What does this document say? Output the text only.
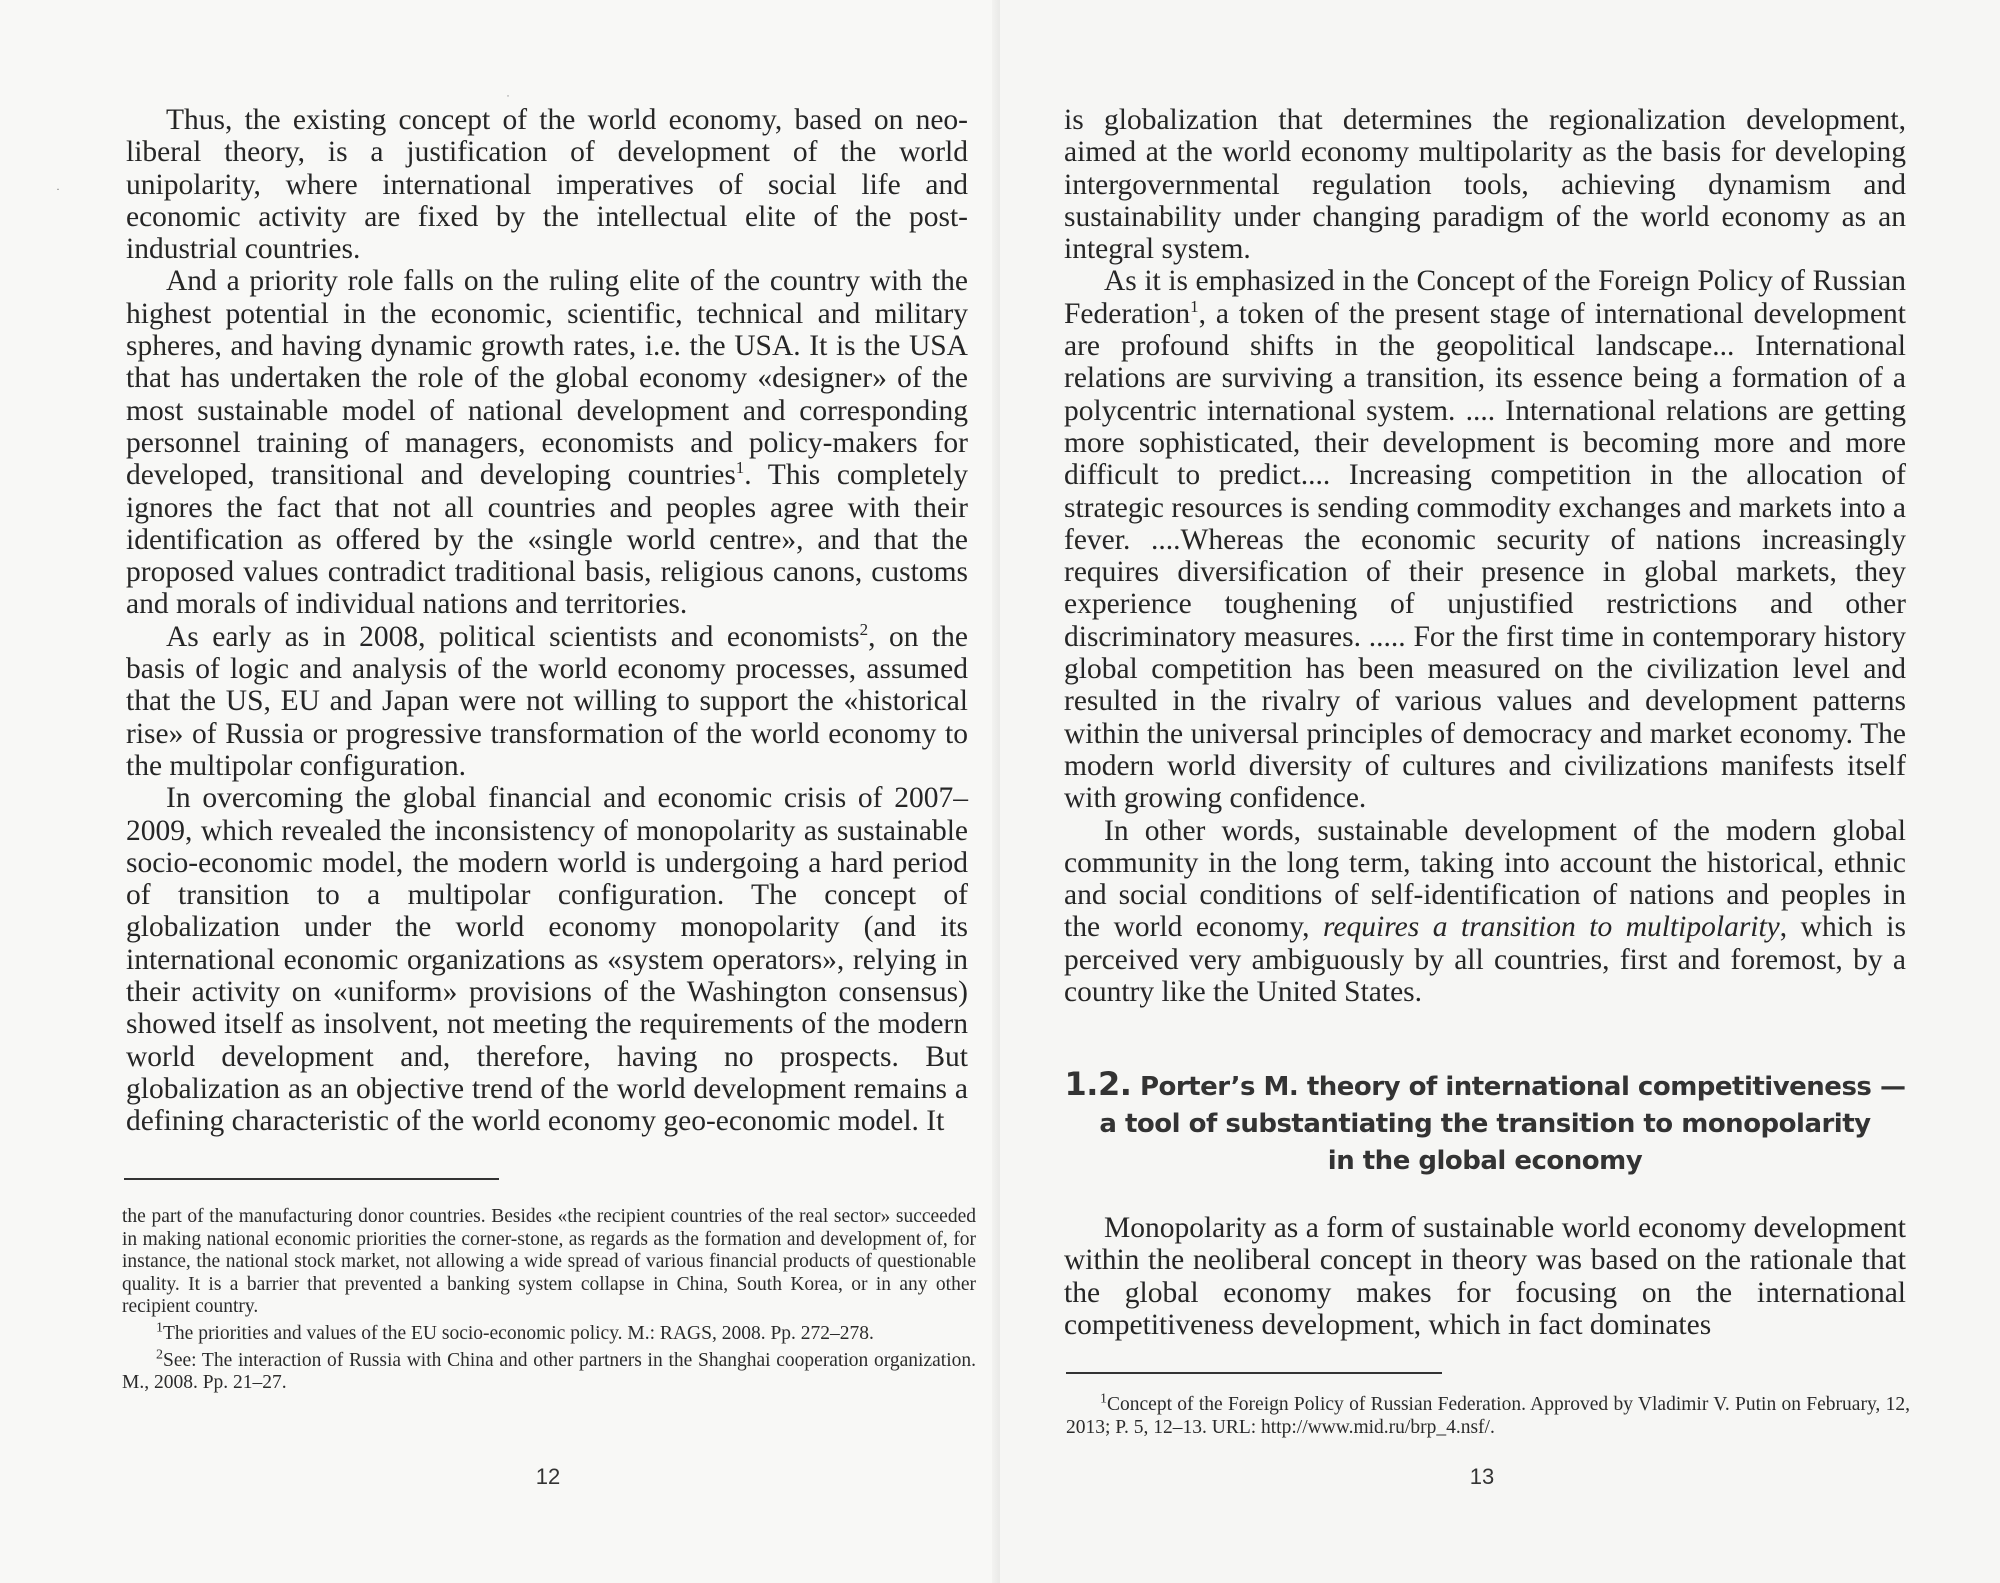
˙
·

Thus, the existing concept of the world economy, based on neo-liberal theory, is a justification of development of the world unipolarity, where international imperatives of social life and economic activity are fixed by the intellectual elite of the post-industrial countries.

And a priority role falls on the ruling elite of the country with the highest potential in the economic, scientific, technical and military spheres, and having dynamic growth rates, i.e. the USA. It is the USA that has undertaken the role of the global economy «designer» of the most sustainable model of national development and corresponding personnel training of managers, economists and policy-makers for developed, transitional and developing countries$^1$. This completely ignores the fact that not all countries and peoples agree with their identification as offered by the «single world centre», and that the proposed values contradict traditional basis, religious canons, customs and morals of individual nations and territories.

As early as in 2008, political scientists and economists$^2$, on the basis of logic and analysis of the world economy processes, assumed that the US, EU and Japan were not willing to support the «historical rise» of Russia or progressive transformation of the world economy to the multipolar configuration.

In overcoming the global financial and economic crisis of 2007–2009, which revealed the inconsistency of monopolarity as sustainable socio-economic model, the modern world is undergoing a hard period of transition to a multipolar configuration. The concept of globalization under the world economy monopolarity (and its international economic organizations as «system operators», relying in their activity on «uniform» provisions of the Washington consensus) showed itself as insolvent, not meeting the requirements of the modern world development and, therefore, having no prospects. But globalization as an objective trend of the world development remains a defining characteristic of the world economy geo-economic model. It

the part of the manufacturing donor countries. Besides «the recipient countries of the real sector» succeeded in making national economic priorities the corner-stone, as regards as the formation and development of, for instance, the national stock market, not allowing a wide spread of various financial products of questionable quality. It is a barrier that prevented a banking system collapse in China, South Korea, or in any other recipient country.

$^1$The priorities and values of the EU socio-economic policy. M.: RAGS, 2008. Pp. 272–278.

$^2$See: The interaction of Russia with China and other partners in the Shanghai cooperation organization. M., 2008. Pp. 21–27.

12

is globalization that determines the regionalization development, aimed at the world economy multipolarity as the basis for developing intergovernmental regulation tools, achieving dynamism and sustainability under changing paradigm of the world economy as an integral system.

As it is emphasized in the Concept of the Foreign Policy of Russian Federation$^1$, a token of the present stage of international development are profound shifts in the geopolitical landscape... International relations are surviving a transition, its essence being a formation of a polycentric international system. .... International relations are getting more sophisticated, their development is becoming more and more difficult to predict.... Increasing competition in the allocation of strategic resources is sending commodity exchanges and markets into a fever. ....Whereas the economic security of nations increasingly requires diversification of their presence in global markets, they experience toughening of unjustified restrictions and other discriminatory measures. ..... For the first time in contemporary history global competition has been measured on the civilization level and resulted in the rivalry of various values and development patterns within the universal principles of democracy and market economy. The modern world diversity of cultures and civilizations manifests itself with growing confidence.

In other words, sustainable development of the modern global community in the long term, taking into account the historical, ethnic and social conditions of self-identification of nations and peoples in the world economy, requires a transition to multipolarity, which is perceived very ambiguously by all countries, first and foremost, by a country like the United States.

1.2. Porter’s M. theory of international competitiveness —
a tool of substantiating the transition to monopolarity
in the global economy

Monopolarity as a form of sustainable world economy development within the neoliberal concept in theory was based on the rationale that the global economy makes for focusing on the international competitiveness development, which in fact dominates

$^1$Concept of the Foreign Policy of Russian Federation. Approved by Vladimir V. Putin on February, 12, 2013; P. 5, 12–13. URL: http://www.mid.ru/brp_4.nsf/.

13
